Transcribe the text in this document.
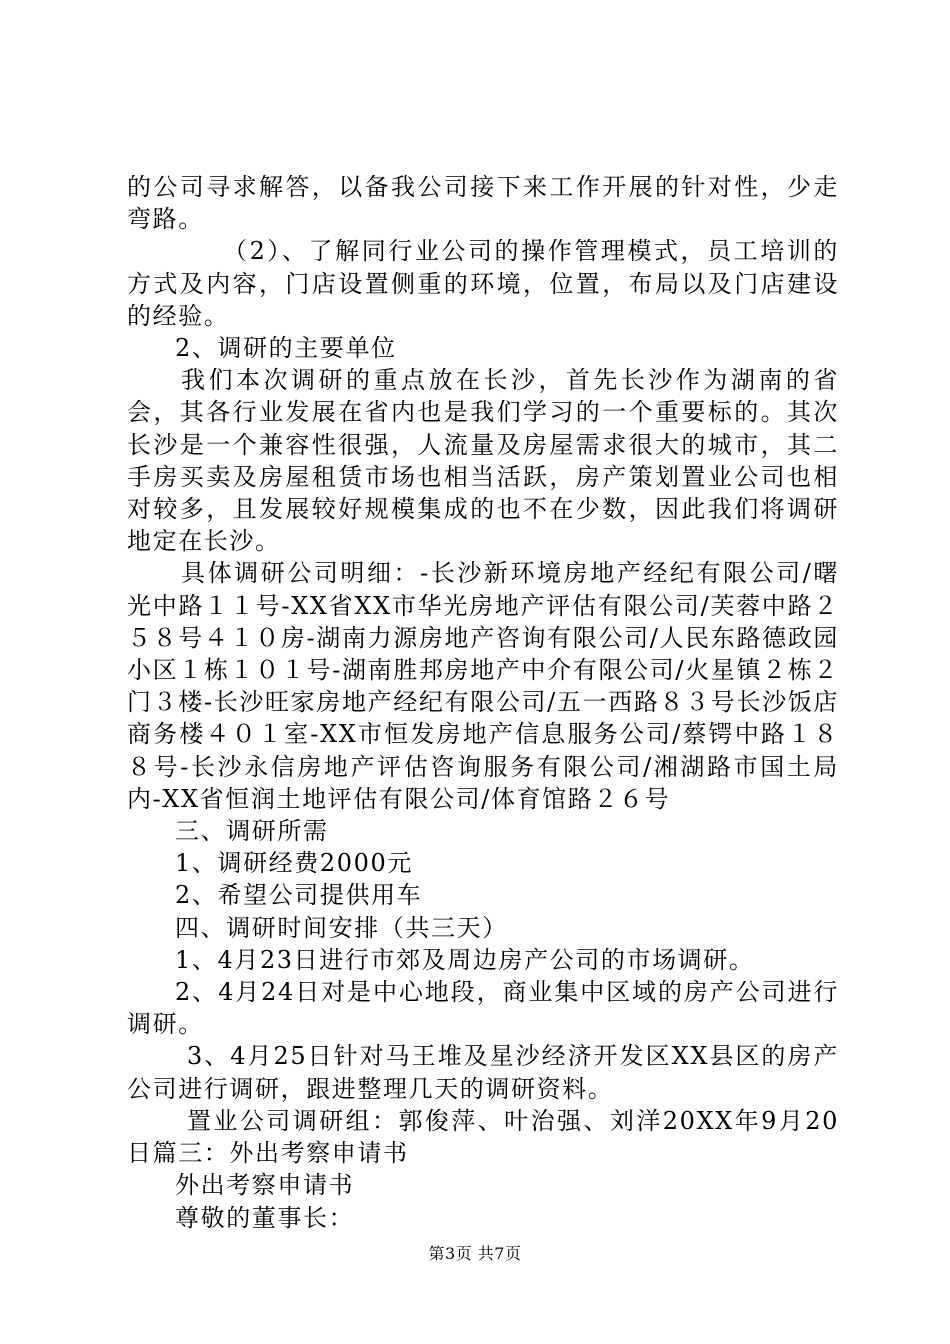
的公司寻求解答，以备我公司接下来工作开展的针对性，少走弯路。

（2）、了解同行业公司的操作管理模式，员工培训的方式及内容，门店设置侧重的环境，位置，布局以及门店建设的经验。

2、调研的主要单位

我们本次调研的重点放在长沙，首先长沙作为湖南的省会，其各行业发展在省内也是我们学习的一个重要标的。其次长沙是一个兼容性很强，人流量及房屋需求很大的城市，其二手房买卖及房屋租赁市场也相当活跃，房产策划置业公司也相对较多，且发展较好规模集成的也不在少数，因此我们将调研地定在长沙。

具体调研公司明细：-长沙新环境房地产经纪有限公司/曙光中路１１号-XX省XX市华光房地产评估有限公司/芙蓉中路２５８号４１０房-湖南力源房地产咨询有限公司/人民东路德政园小区１栋１０１号-湖南胜邦房地产中介有限公司/火星镇２栋２门３楼-长沙旺家房地产经纪有限公司/五一西路８３号长沙饭店商务楼４０１室-XX市恒发房地产信息服务公司/蔡锷中路１８８号-长沙永信房地产评估咨询服务有限公司/湘湖路市国土局内-XX省恒润土地评估有限公司/体育馆路２６号

三、调研所需

1、调研经费2000元

2、希望公司提供用车

四、调研时间安排（共三天）

1、4月23日进行市郊及周边房产公司的市场调研。

2、4月24日对是中心地段，商业集中区域的房产公司进行调研。

3、4月25日针对马王堆及星沙经济开发区XX县区的房产公司进行调研，跟进整理几天的调研资料。

置业公司调研组：郭俊萍、叶治强、刘洋20XX年9月20日篇三：外出考察申请书

外出考察申请书

尊敬的董事长：

第3页 共7页
